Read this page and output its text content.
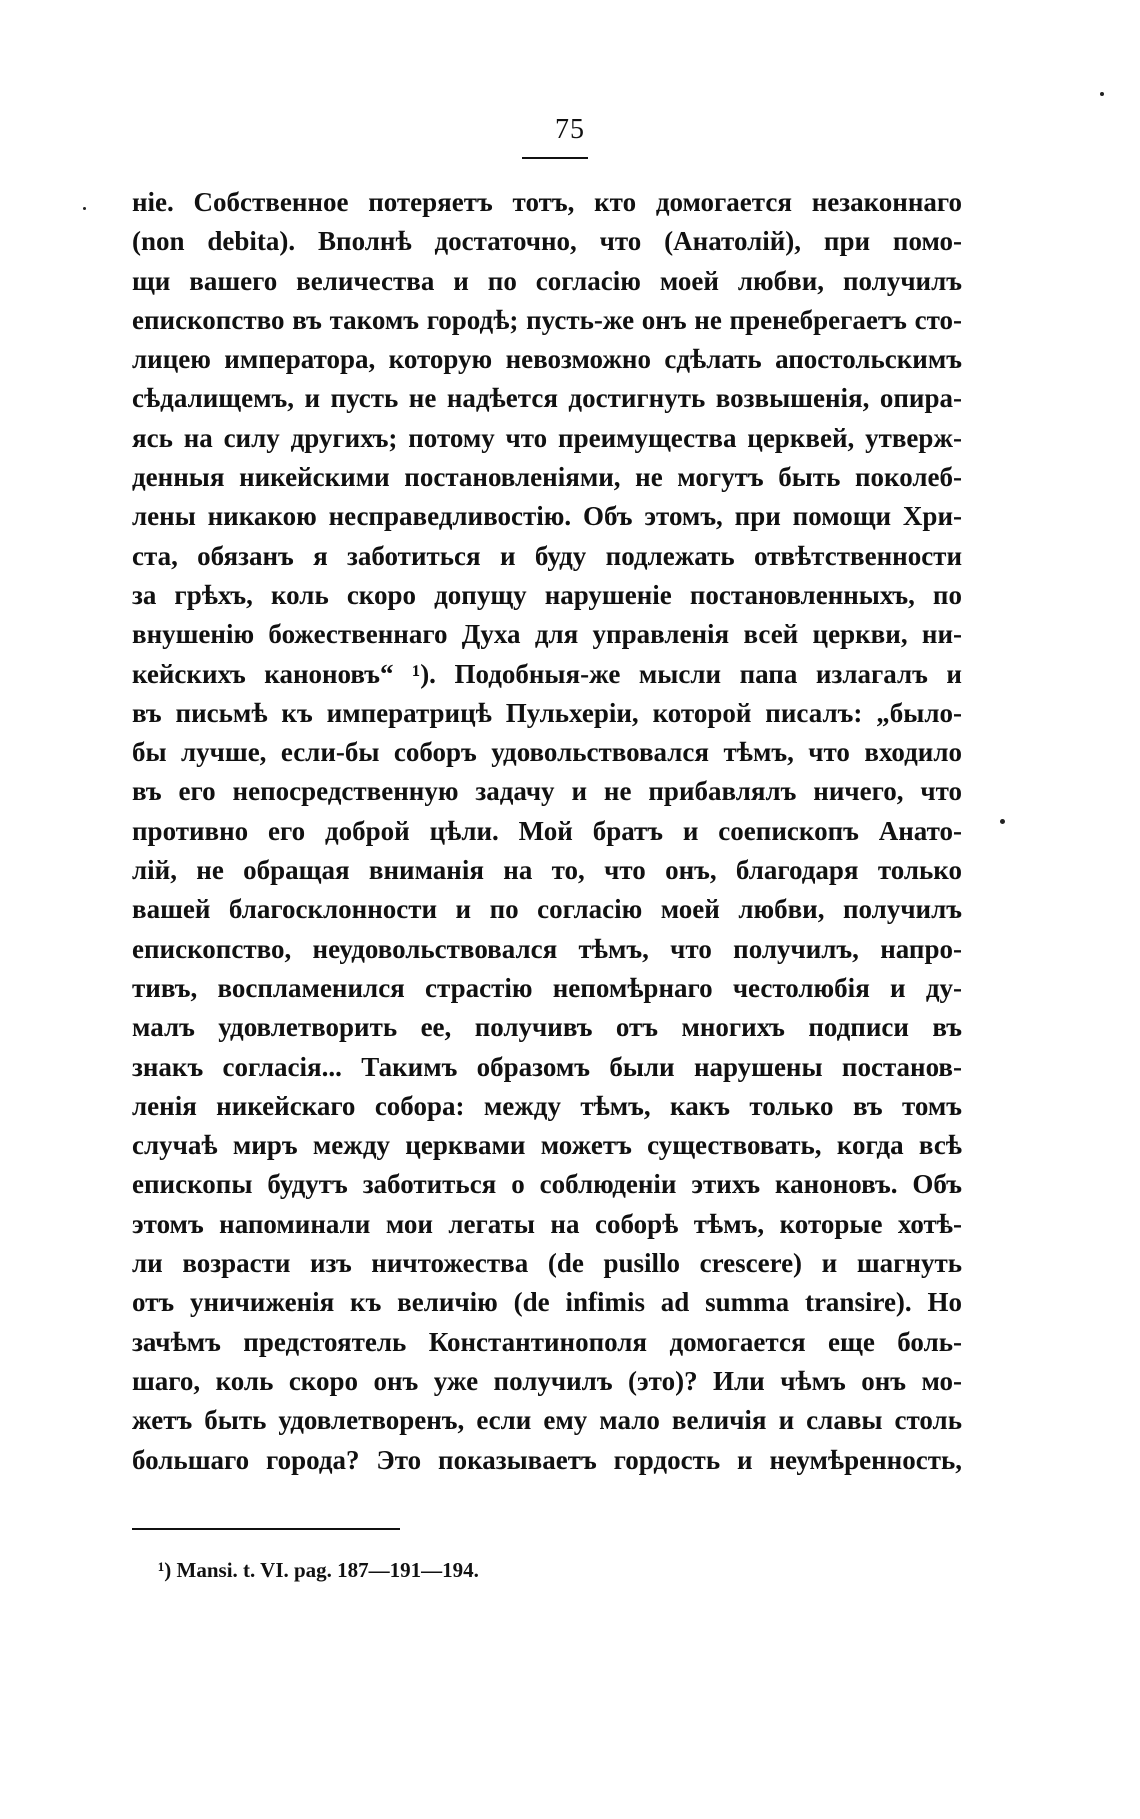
75
ніе. Собственное потеряетъ тотъ, кто домогается незаконнаго
(non debita). Вполнѣ достаточно, что (Анатолій), при помо-
щи вашего величества и по согласію моей любви, получилъ
епископство въ такомъ городѣ; пусть-же онъ не пренебрегаетъ сто-
лицею императора, которую невозможно сдѣлать апостольскимъ
сѣдалищемъ, и пусть не надѣется достигнуть возвышенія, опира-
ясь на силу другихъ; потому что преимущества церквей, утверж-
денныя никейскими постановленіями, не могутъ быть поколеб-
лены никакою несправедливостію. Объ этомъ, при помощи Хри-
ста, обязанъ я заботиться и буду подлежать отвѣтственности
за грѣхъ, коль скоро допущу нарушеніе постановленныхъ, по
внушенію божественнаго Духа для управленія всей церкви, ни-
кейскихъ каноновъ“ ¹). Подобныя-же мысли папа излагалъ и
въ письмѣ къ императрицѣ Пульхеріи, которой писалъ: „было-
бы лучше, если-бы соборъ удовольствовался тѣмъ, что входило
въ его непосредственную задачу и не прибавлялъ ничего, что
противно его доброй цѣли. Мой братъ и соепископъ Анато-
лій, не обращая вниманія на то, что онъ, благодаря только
вашей благосклонности и по согласію моей любви, получилъ
епископство, неудовольствовался тѣмъ, что получилъ, напро-
тивъ, воспламенился страстію непомѣрнаго честолюбія и ду-
малъ удовлетворить ее, получивъ отъ многихъ подписи въ
знакъ согласія... Такимъ образомъ были нарушены постанов-
ленія никейскаго собора: между тѣмъ, какъ только въ томъ
случаѣ миръ между церквами можетъ существовать, когда всѣ
епископы будутъ заботиться о соблюденіи этихъ каноновъ. Объ
этомъ напоминали мои легаты на соборѣ тѣмъ, которые хотѣ-
ли возрасти изъ ничтожества (de pusillo crescere) и шагнуть
отъ уничиженія къ величію (de infimis ad summa transire). Но
зачѣмъ предстоятель Константинополя домогается еще боль-
шаго, коль скоро онъ уже получилъ (это)? Или чѣмъ онъ мо-
жетъ быть удовлетворенъ, если ему мало величія и славы столь
большаго города? Это показываетъ гордость и неумѣренность,
¹) Mansi. t. VI. pag. 187—191—194.
